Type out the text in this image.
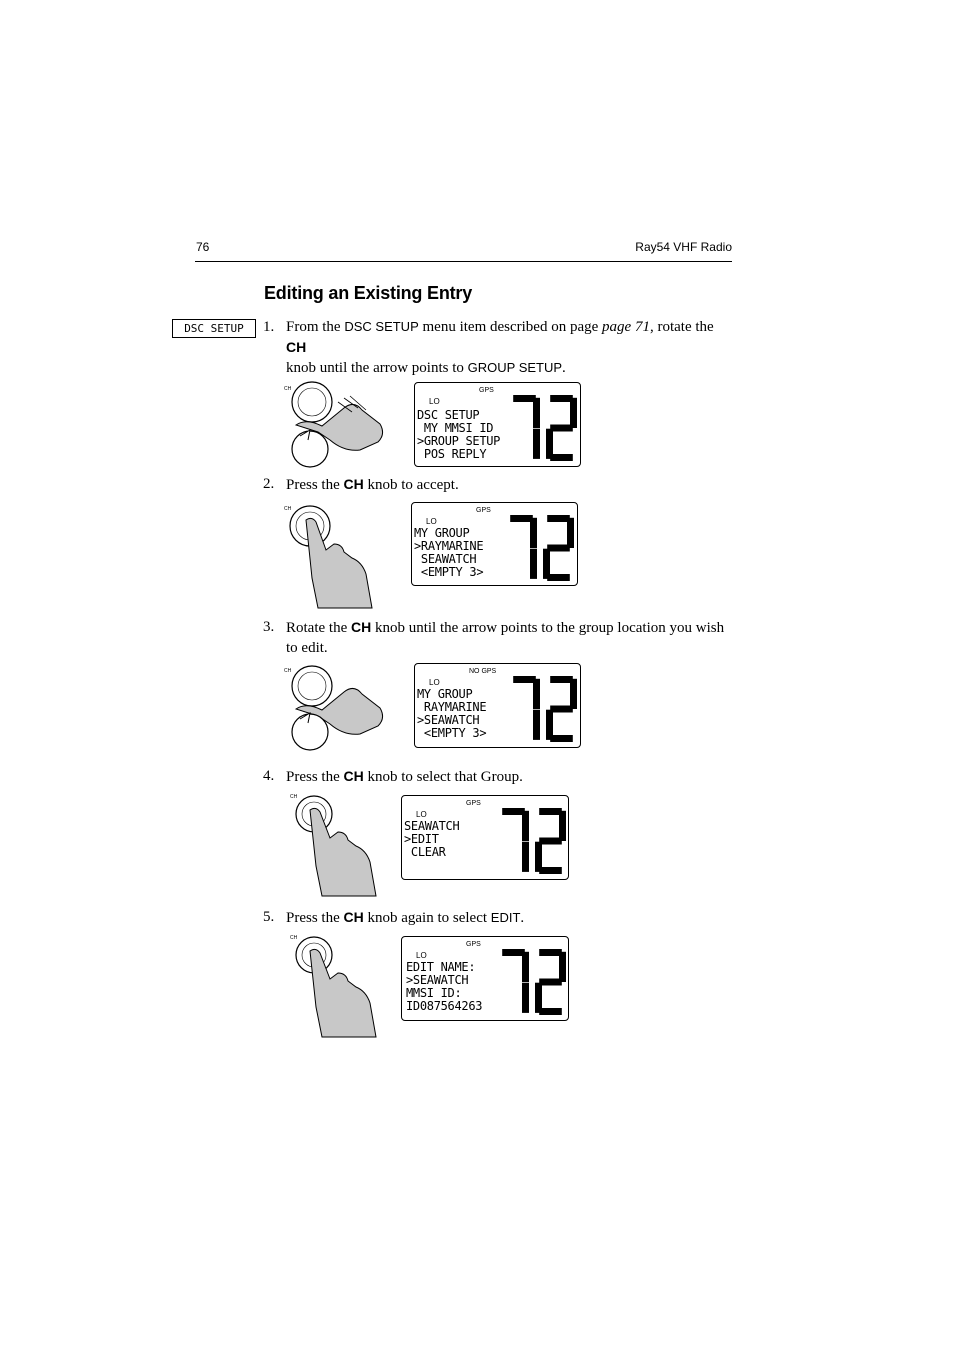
76	Ray54 VHF Radio
Editing an Existing Entry
DSC SETUP	1. From the DSC SETUP menu item described on page page 71, rotate the CH
knob until the arrow points to GROUP SETUP.
2. Press the CH knob to accept.
3. Rotate the CH knob until the arrow points to the group location you wish
to edit.
4. Press the CH knob to select that Group.
5. Press the CH knob again to select EDIT.
CH
CH
CH
CH
CH
GPS
LO
DSC SETUP
MY MMSI ID
>GROUP SETUP
POS REPLY
GPS
LO
MY GROUP
>RAYMARINE
SEAWATCH
<EMPTY 3>
NO GPS
LO
MY GROUP
RAYMARINE
>SEAWATCH
<EMPTY 3>
GPS
LO
SEAWATCH
>EDIT
CLEAR
GPS
LO
EDIT NAME:
>SEAWATCH
MMSI ID:
ID087564263
